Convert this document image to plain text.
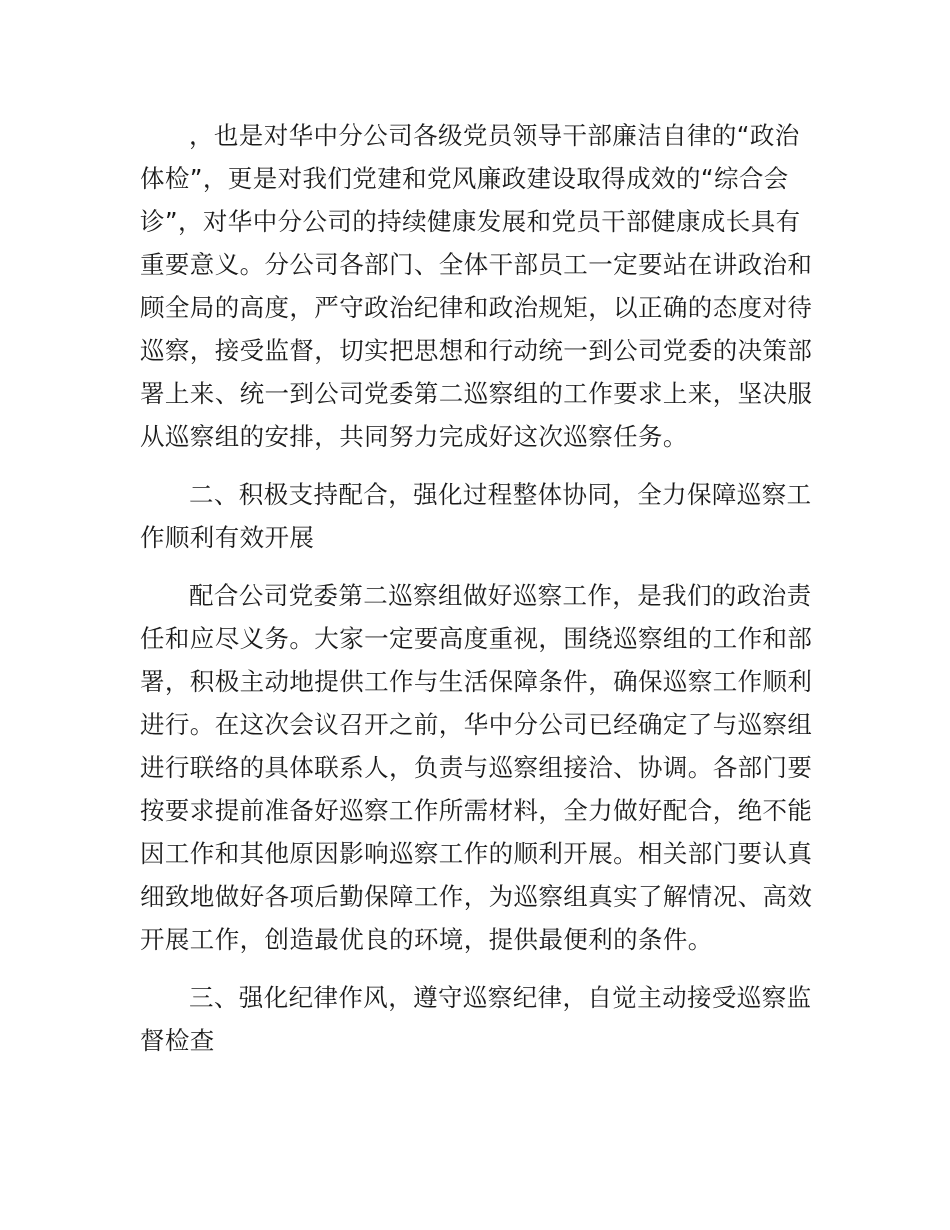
，也是对华中分公司各级党员领导干部廉洁自律的“政治
体检”，更是对我们党建和党风廉政建设取得成效的“综合会
诊”，对华中分公司的持续健康发展和党员干部健康成长具有
重要意义。分公司各部门、全体干部员工一定要站在讲政治和
顾全局的高度，严守政治纪律和政治规矩，以正确的态度对待
巡察，接受监督，切实把思想和行动统一到公司党委的决策部
署上来、统一到公司党委第二巡察组的工作要求上来，坚决服
从巡察组的安排，共同努力完成好这次巡察任务。
二、积极支持配合，强化过程整体协同，全力保障巡察工
作顺利有效开展
配合公司党委第二巡察组做好巡察工作，是我们的政治责
任和应尽义务。大家一定要高度重视，围绕巡察组的工作和部
署，积极主动地提供工作与生活保障条件，确保巡察工作顺利
进行。在这次会议召开之前，华中分公司已经确定了与巡察组
进行联络的具体联系人，负责与巡察组接洽、协调。各部门要
按要求提前准备好巡察工作所需材料，全力做好配合，绝不能
因工作和其他原因影响巡察工作的顺利开展。相关部门要认真
细致地做好各项后勤保障工作，为巡察组真实了解情况、高效
开展工作，创造最优良的环境，提供最便利的条件。
三、强化纪律作风，遵守巡察纪律，自觉主动接受巡察监
督检查
